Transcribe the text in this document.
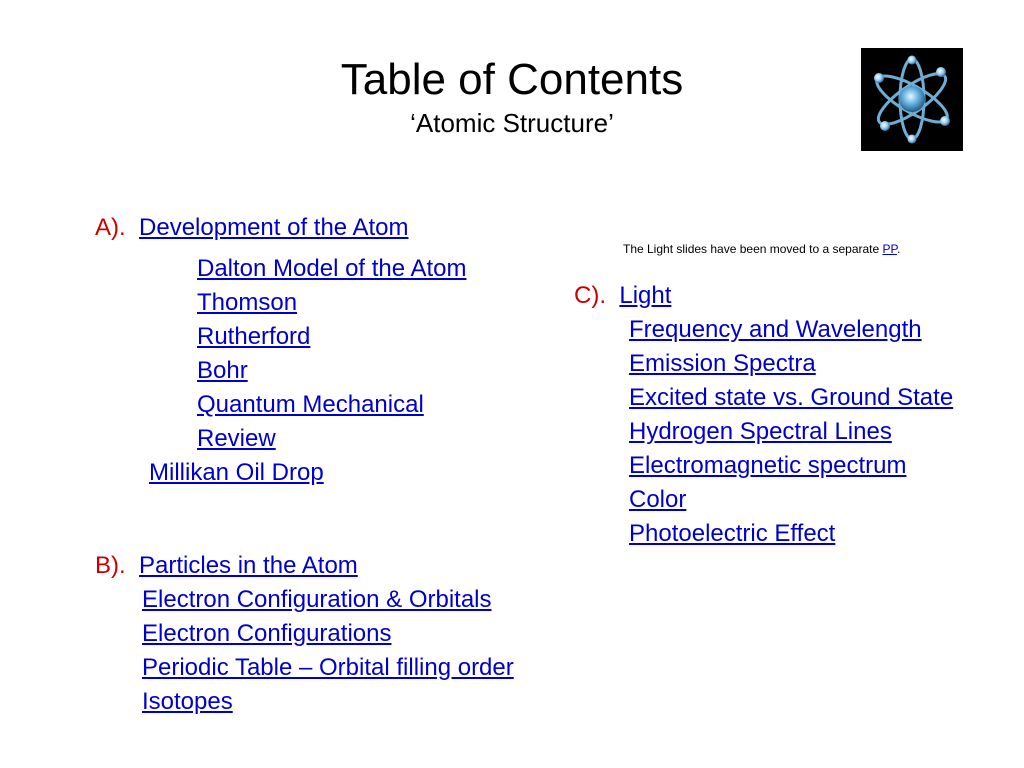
Table of Contents
‘Atomic Structure’
A). Development of the Atom
Dalton Model of the Atom
Thomson
Rutherford
Bohr
Quantum Mechanical
Review
Millikan Oil Drop
B). Particles in the Atom
Electron Configuration & Orbitals
Electron Configurations
Periodic Table – Orbital filling order
Isotopes
The Light slides have been moved to a separate PP.
C). Light
Frequency and Wavelength
Emission Spectra
Excited state vs. Ground State
Hydrogen Spectral Lines
Electromagnetic spectrum
Color
Photoelectric Effect
